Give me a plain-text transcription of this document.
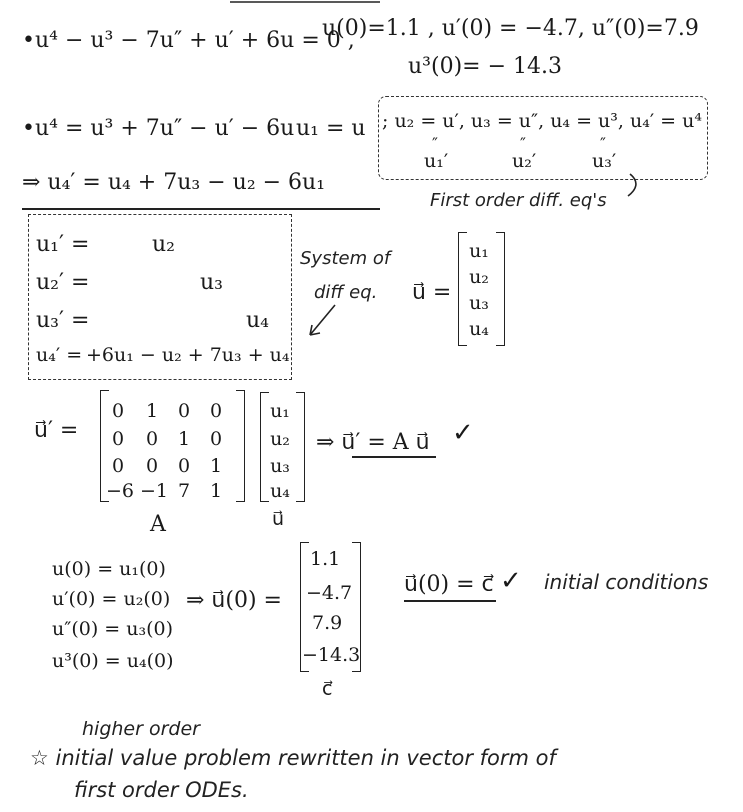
•u⁴ − u³ − 7u″ + u′ + 6u = 0 ,
u(0)=1.1 , u′(0) = −4.7, u″(0)=7.9
u³(0)= − 14.3
•u⁴ = u³ + 7u″ − u′ − 6u u₁ = u ; u₂ = u′, u₃ = u″, u₄ = u³, u₄′ = u⁴
″	″	″
u₁′	u₂′	u₃′
⇒ u₄′ = u₄ + 7u₃ − u₂ − 6u₁
First order diff. eq's
u₁′ =	u₂
u₂′ =	u₃
u₃′ =	u₄
u₄′ = +6u₁ − u₂ + 7u₃ + u₄
System of
diff eq. u⃗ =
u₁
u₂
u₃
u₄
u⃗′ =
0	1	0	0
0	0	1	0
0	0	0	1
−6 −1 7	1
A
u₁
u₂
u₃
u₄
u⃗
⇒ u⃗′ = A u⃗ ✓
u(0) = u₁(0)
u′(0) = u₂(0)
u″(0) = u₃(0)
u³(0) = u₄(0)
⇒ u⃗(0) =
1.1
−4.7
7.9
−14.3
c⃗
u⃗(0) = c⃗ ✓ initial conditions
higher order
☆ initial value problem rewritten in vector form of
first order ODEs.
